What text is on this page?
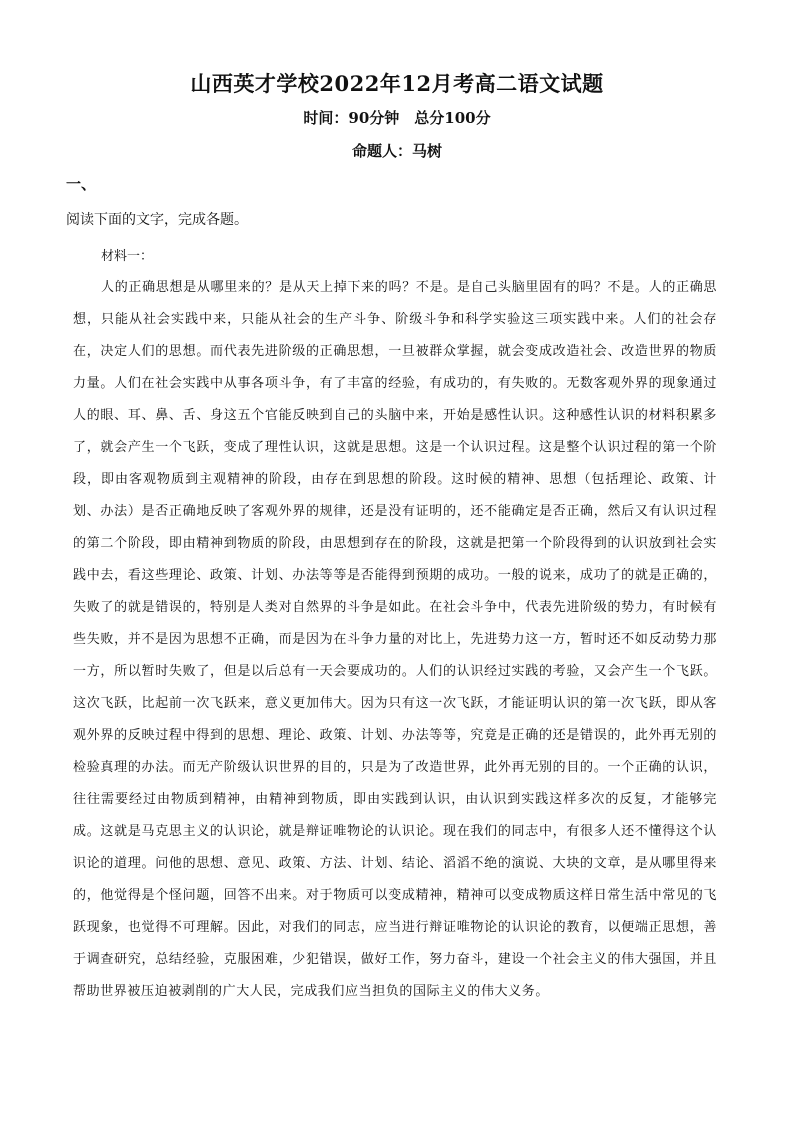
山西英才学校2022年12月考高二语文试题
时间：90分钟　总分100分
命题人：马树
一、
阅读下面的文字，完成各题。
材料一：

人的正确思想是从哪里来的？是从天上掉下来的吗？不是。是自己头脑里固有的吗？不是。人的正确思想，只能从社会实践中来，只能从社会的生产斗争、阶级斗争和科学实验这三项实践中来。人们的社会存在，决定人们的思想。而代表先进阶级的正确思想，一旦被群众掌握，就会变成改造社会、改造世界的物质力量。人们在社会实践中从事各项斗争，有了丰富的经验，有成功的，有失败的。无数客观外界的现象通过人的眼、耳、鼻、舌、身这五个官能反映到自己的头脑中来，开始是感性认识。这种感性认识的材料积累多了，就会产生一个飞跃，变成了理性认识，这就是思想。这是一个认识过程。这是整个认识过程的第一个阶段，即由客观物质到主观精神的阶段，由存在到思想的阶段。这时候的精神、思想（包括理论、政策、计划、办法）是否正确地反映了客观外界的规律，还是没有证明的，还不能确定是否正确，然后又有认识过程的第二个阶段，即由精神到物质的阶段，由思想到存在的阶段，这就是把第一个阶段得到的认识放到社会实践中去，看这些理论、政策、计划、办法等等是否能得到预期的成功。一般的说来，成功了的就是正确的，失败了的就是错误的，特别是人类对自然界的斗争是如此。在社会斗争中，代表先进阶级的势力，有时候有些失败，并不是因为思想不正确，而是因为在斗争力量的对比上，先进势力这一方，暂时还不如反动势力那一方，所以暂时失败了，但是以后总有一天会要成功的。人们的认识经过实践的考验，又会产生一个飞跃。这次飞跃，比起前一次飞跃来，意义更加伟大。因为只有这一次飞跃，才能证明认识的第一次飞跃，即从客观外界的反映过程中得到的思想、理论、政策、计划、办法等等，究竟是正确的还是错误的，此外再无别的检验真理的办法。而无产阶级认识世界的目的，只是为了改造世界，此外再无别的目的。一个正确的认识，往往需要经过由物质到精神，由精神到物质，即由实践到认识，由认识到实践这样多次的反复，才能够完成。这就是马克思主义的认识论，就是辩证唯物论的认识论。现在我们的同志中，有很多人还不懂得这个认识论的道理。问他的思想、意见、政策、方法、计划、结论、滔滔不绝的演说、大块的文章，是从哪里得来的，他觉得是个怪问题，回答不出来。对于物质可以变成精神，精神可以变成物质这样日常生活中常见的飞跃现象，也觉得不可理解。因此，对我们的同志，应当进行辩证唯物论的认识论的教育，以便端正思想，善于调查研究，总结经验，克服困难，少犯错误，做好工作，努力奋斗，建设一个社会主义的伟大强国，并且帮助世界被压迫被剥削的广大人民，完成我们应当担负的国际主义的伟大义务。
